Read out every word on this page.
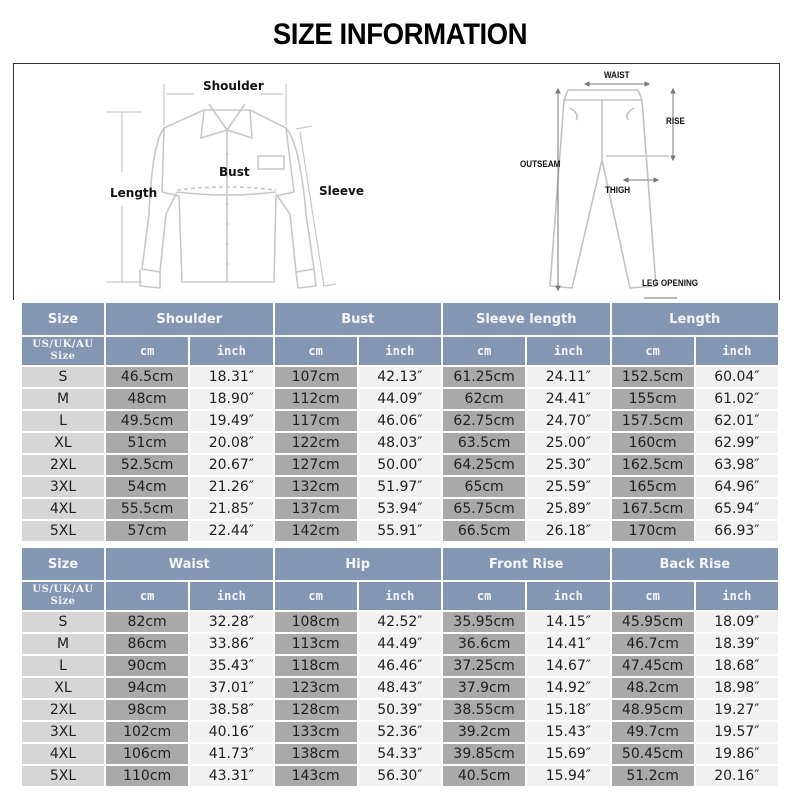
SIZE INFORMATION
Shoulder
Bust
Length	Sleeve
WAIST
RISE
OUTSEAM
THIGH
LEG OPENING
Size	Shoulder		Bust		Sleeve length		Length	
US/UK/AU
Size	cm	inch	cm	inch	cm	inch	cm	inch
S	46.5cm	18.31″	107cm	42.13″	61.25cm	24.11″	152.5cm	60.04″
M	48cm	18.90″	112cm	44.09″	62cm	24.41″	155cm	61.02″
L	49.5cm	19.49″	117cm	46.06″	62.75cm	24.70″	157.5cm	62.01″
XL	51cm	20.08″	122cm	48.03″	63.5cm	25.00″	160cm	62.99″
2XL	52.5cm	20.67″	127cm	50.00″	64.25cm	25.30″	162.5cm	63.98″
3XL	54cm	21.26″	132cm	51.97″	65cm	25.59″	165cm	64.96″
4XL	55.5cm	21.85″	137cm	53.94″	65.75cm	25.89″	167.5cm	65.94″
5XL	57cm	22.44″	142cm	55.91″	66.5cm	26.18″	170cm	66.93″
Size	Waist		Hip		Front Rise		Back Rise	
US/UK/AU
Size	cm	inch	cm	inch	cm	inch	cm	inch
S	82cm	32.28″	108cm	42.52″	35.95cm	14.15″	45.95cm	18.09″
M	86cm	33.86″	113cm	44.49″	36.6cm	14.41″	46.7cm	18.39″
L	90cm	35.43″	118cm	46.46″	37.25cm	14.67″	47.45cm	18.68″
XL	94cm	37.01″	123cm	48.43″	37.9cm	14.92″	48.2cm	18.98″
2XL	98cm	38.58″	128cm	50.39″	38.55cm	15.18″	48.95cm	19.27″
3XL	102cm	40.16″	133cm	52.36″	39.2cm	15.43″	49.7cm	19.57″
4XL	106cm	41.73″	138cm	54.33″	39.85cm	15.69″	50.45cm	19.86″
5XL	110cm	43.31″	143cm	56.30″	40.5cm	15.94″	51.2cm	20.16″
